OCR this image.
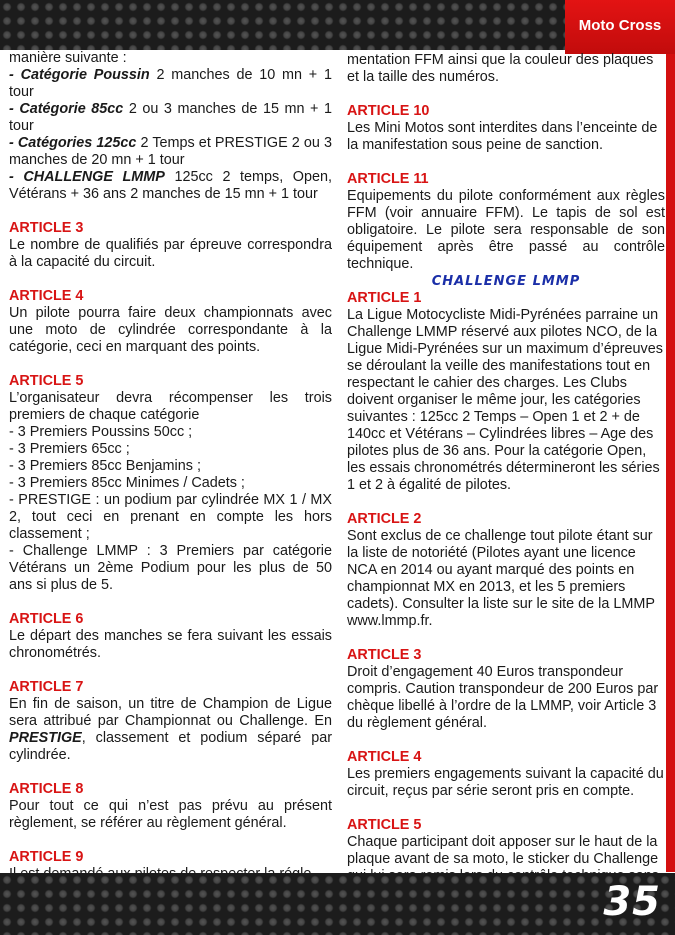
Moto Cross

manière suivante :

- Catégorie Poussin 2 manches de 10 mn + 1 tour

- Catégorie 85cc 2 ou 3 manches de 15 mn + 1 tour

- Catégories 125cc 2 Temps et PRESTIGE 2 ou 3 manches de 20 mn + 1 tour

- CHALLENGE LMMP 125cc 2 temps, Open, Vétérans + 36 ans 2 manches de 15 mn + 1 tour

ARTICLE 3

Le nombre de qualifiés par épreuve correspondra à la capacité du circuit.

ARTICLE 4

Un pilote pourra faire deux championnats avec une moto de cylindrée correspondante à la catégorie, ceci en marquant des points.

ARTICLE 5

L’organisateur devra récompenser les trois premiers de chaque catégorie

- 3 Premiers Poussins 50cc ;

- 3 Premiers 65cc ;

- 3 Premiers 85cc Benjamins ;

- 3 Premiers 85cc Minimes / Cadets ;

- PRESTIGE : un podium par cylindrée MX 1 / MX 2, tout ceci en prenant en compte les hors classement ;

- Challenge LMMP : 3 Premiers par catégorie Vétérans un 2ème Podium pour les plus de 50 ans si plus de 5.

ARTICLE 6

Le départ des manches se fera suivant les essais chronométrés.

ARTICLE 7

En fin de saison, un titre de Champion de Ligue sera attribué par Championnat ou Challenge. En PRESTIGE, classement et podium séparé par cylindrée.

ARTICLE 8

Pour tout ce qui n’est pas prévu au présent règlement, se référer au règlement général.

ARTICLE 9

mentation FFM ainsi que la couleur des plaques et la taille des numéros.

ARTICLE 10

Les Mini Motos sont interdites dans l’enceinte de la manifestation sous peine de sanction.

ARTICLE 11

Equipements du pilote conformément aux règles FFM (voir annuaire FFM). Le tapis de sol est obligatoire. Le pilote sera responsable de son équipement après être passé au contrôle technique.

CHALLENGE LMMP

ARTICLE 1

La Ligue Motocycliste Midi-Pyrénées parraine un Challenge LMMP réservé aux pilotes NCO, de la Ligue Midi-Pyrénées sur un maximum d’épreuves se déroulant la veille des manifestations tout en respectant le cahier des charges. Les Clubs doivent organiser le même jour, les catégories suivantes : 125cc 2 Temps – Open 1 et 2 + de 140cc et Vétérans – Cylindrées libres – Age des pilotes plus de 36 ans. Pour la catégorie Open, les essais chronométrés détermineront les séries 1 et 2 à égalité de pilotes.

ARTICLE 2

Sont exclus de ce challenge tout pilote étant sur la liste de notoriété (Pilotes ayant une licence NCA en 2014 ou ayant marqué des points en championnat MX en 2013, et les 5 premiers cadets). Consulter la liste sur le site de la LMMP www.lmmp.fr.

ARTICLE 3

Droit d’engagement 40 Euros transpondeur compris. Caution transpondeur de 200 Euros par chèque libellé à l’ordre de la LMMP, voir Article 3 du règlement général.

ARTICLE 4

Les premiers engagements suivant la capacité du circuit, reçus par série seront pris en compte.

ARTICLE 5

Chaque participant doit apposer sur le haut de la plaque avant de sa moto, le sticker du Challenge

35
